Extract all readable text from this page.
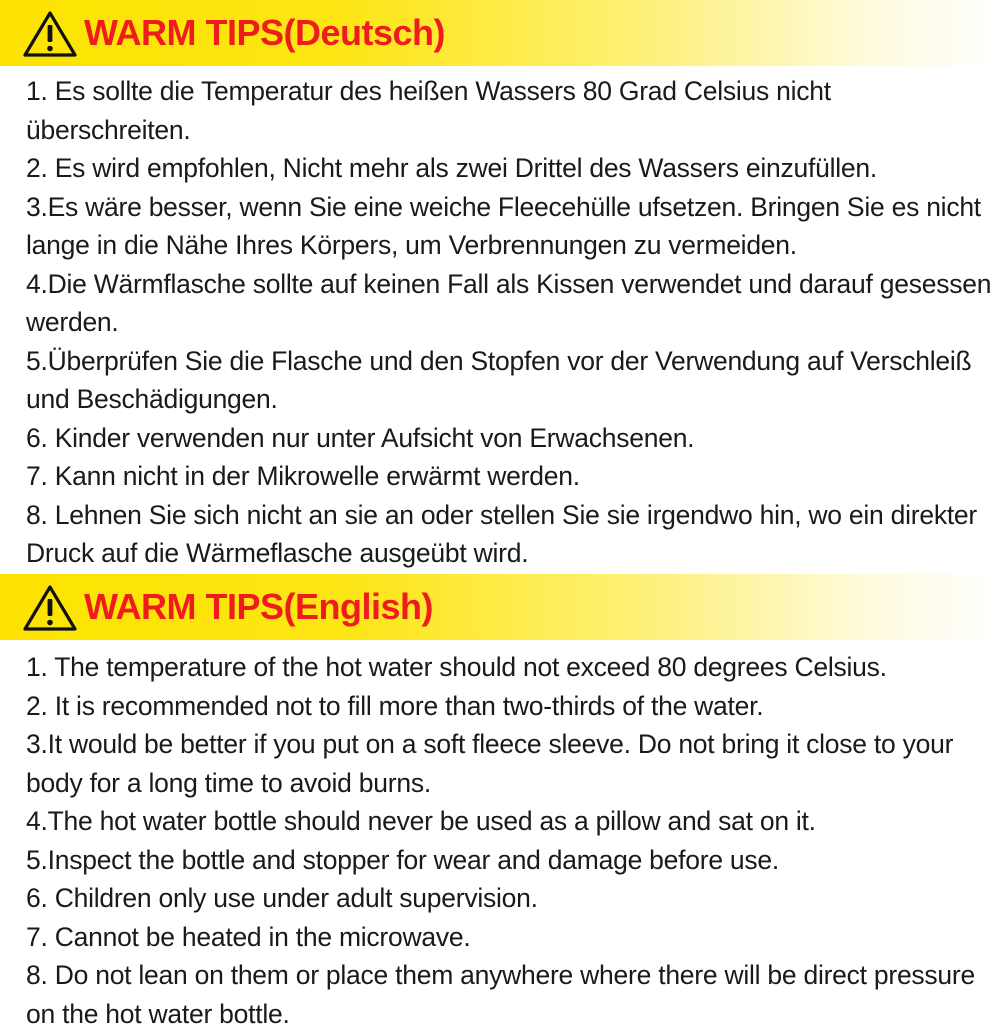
WARM TIPS(Deutsch)
1. Es sollte die Temperatur des heißen Wassers 80 Grad Celsius nicht überschreiten.
2. Es wird empfohlen, Nicht mehr als zwei Drittel des Wassers einzufüllen.
3.Es wäre besser, wenn Sie eine weiche Fleecehülle ufsetzen. Bringen Sie es nicht lange in die Nähe Ihres Körpers, um Verbrennungen zu vermeiden.
4.Die Wärmflasche sollte auf keinen Fall als Kissen verwendet und darauf gesessen werden.
5.Überprüfen Sie die Flasche und den Stopfen vor der Verwendung auf Verschleiß und Beschädigungen.
6. Kinder verwenden nur unter Aufsicht von Erwachsenen.
7. Kann nicht in der Mikrowelle erwärmt werden.
8. Lehnen Sie sich nicht an sie an oder stellen Sie sie irgendwo hin, wo ein direkter Druck auf die Wärmeflasche ausgeübt wird.
WARM TIPS(English)
1. The temperature of the hot water should not exceed 80 degrees Celsius.
2. It is recommended not to fill more than two-thirds of the water.
3.It would be better if you put on a soft fleece sleeve. Do not bring it close to your body for a long time to avoid burns.
4.The hot water bottle should never be used as a pillow and sat on it.
5.Inspect the bottle and stopper for wear and damage before use.
6. Children only use under adult supervision.
7. Cannot be heated in the microwave.
8. Do not lean on them or place them anywhere where there will be direct pressure on the hot water bottle.
